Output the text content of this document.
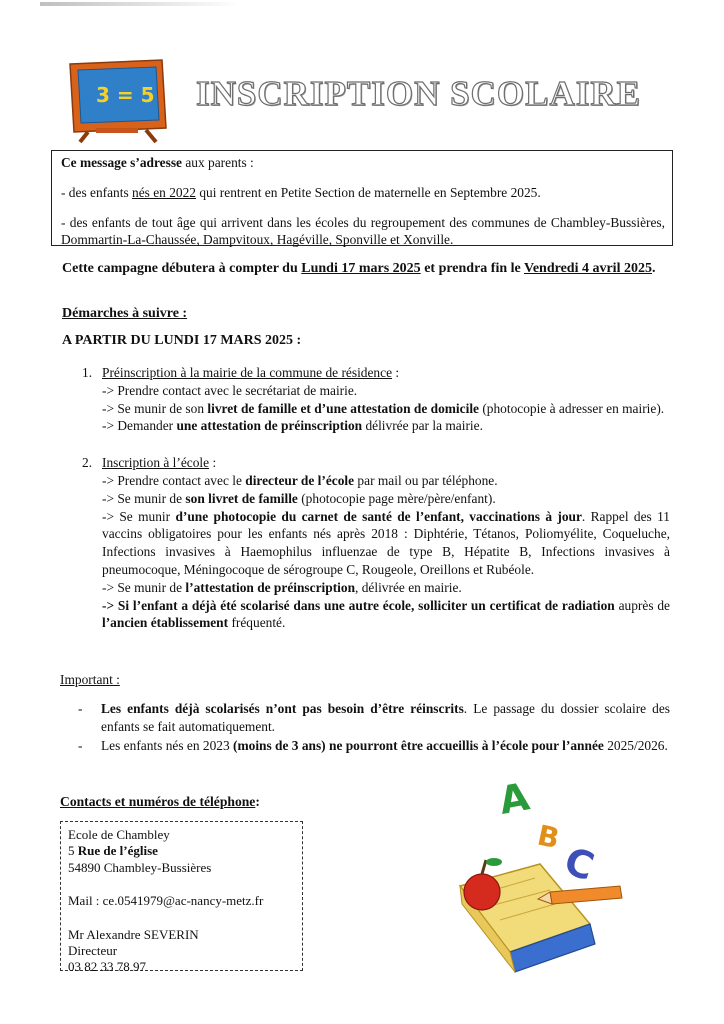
3 = 5 INSCRIPTION SCOLAIRE

Ce message s’adresse aux parents :

- des enfants nés en 2022 qui rentrent en Petite Section de maternelle en Septembre 2025.

- des enfants de tout âge qui arrivent dans les écoles du regroupement des communes de Chambley-Bussières, Dommartin-La-Chaussée, Dampvitoux, Hagéville, Sponville et Xonville.

Cette campagne débutera à compter du Lundi 17 mars 2025 et prendra fin le Vendredi 4 avril 2025.
Démarches à suivre :
A PARTIR DU LUNDI 17 MARS 2025 :
1. Préinscription à la mairie de la commune de résidence :
-> Prendre contact avec le secrétariat de mairie.
-> Se munir de son livret de famille et d’une attestation de domicile (photocopie à adresser en mairie).
-> Demander une attestation de préinscription délivrée par la mairie.
2. Inscription à l’école :
-> Prendre contact avec le directeur de l’école par mail ou par téléphone.
-> Se munir de son livret de famille (photocopie page mère/père/enfant).
-> Se munir d’une photocopie du carnet de santé de l’enfant, vaccinations à jour. Rappel des 11 vaccins obligatoires pour les enfants nés après 2018 : Diphtérie, Tétanos, Poliomyélite, Coqueluche, Infections invasives à Haemophilus influenzae de type B, Hépatite B, Infections invasives à pneumocoque, Méningocoque de sérogroupe C, Rougeole, Oreillons et Rubéole.
-> Se munir de l’attestation de préinscription, délivrée en mairie.
-> Si l’enfant a déjà été scolarisé dans une autre école, solliciter un certificat de radiation auprès de l’ancien établissement fréquenté.
Important :
- Les enfants déjà scolarisés n’ont pas besoin d’être réinscrits. Le passage du dossier scolaire des enfants se fait automatiquement.
- Les enfants nés en 2023 (moins de 3 ans) ne pourront être accueillis à l’école pour l’année 2025/2026.
Contacts et numéros de téléphone:
Ecole de Chambley
5 Rue de l’église
54890 Chambley-Bussières
Mail : ce.0541979@ac-nancy-metz.fr
Mr Alexandre SEVERIN
Directeur
03 82 33 78 97
A
B
C
